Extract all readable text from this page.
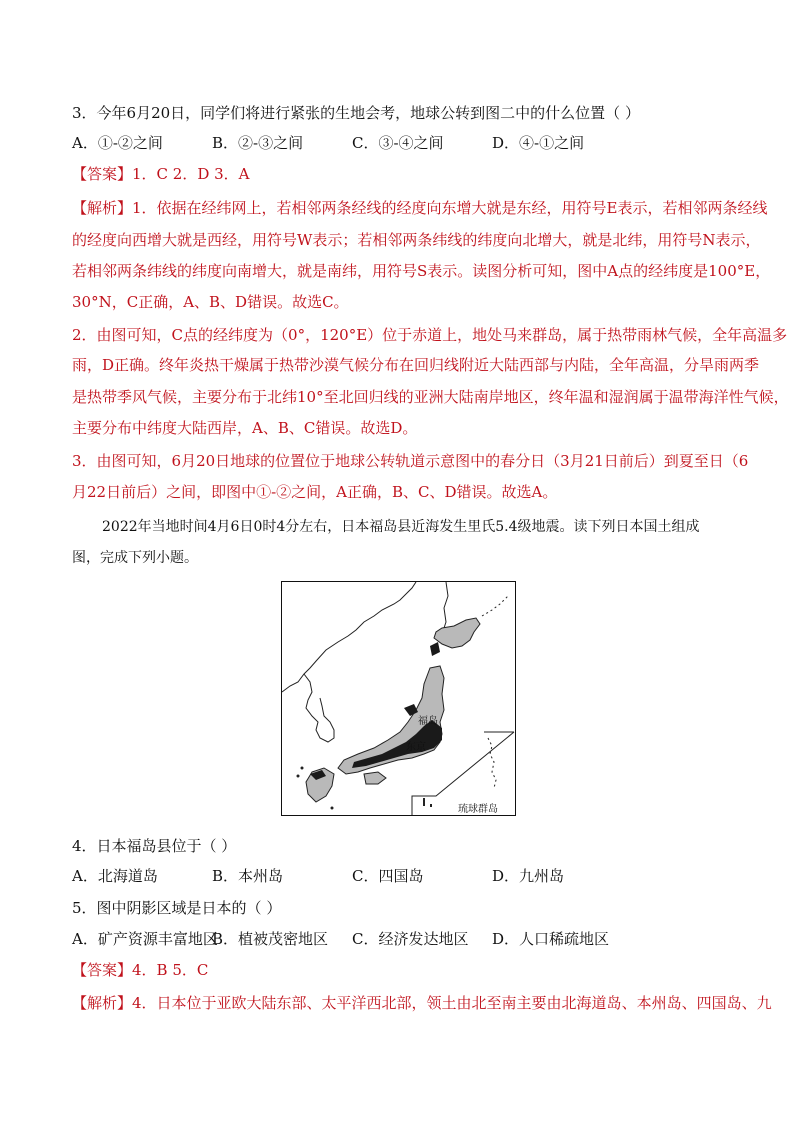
3．今年6月20日，同学们将进行紧张的生地会考，地球公转到图二中的什么位置（ ）
A．①-②之间	B．②-③之间	C．③-④之间	D．④-①之间
【答案】1．C 2．D 3．A
【解析】1．依据在经纬网上，若相邻两条经线的经度向东增大就是东经，用符号E表示，若相邻两条经线
的经度向西增大就是西经，用符号W表示；若相邻两条纬线的纬度向北增大，就是北纬，用符号N表示，
若相邻两条纬线的纬度向南增大，就是南纬，用符号S表示。读图分析可知，图中A点的经纬度是100°E，
30°N，C正确，A、B、D错误。故选C。
2．由图可知，C点的经纬度为（0°，120°E）位于赤道上，地处马来群岛，属于热带雨林气候，全年高温多
雨，D正确。终年炎热干燥属于热带沙漠气候分布在回归线附近大陆西部与内陆，全年高温，分旱雨两季
是热带季风气候，主要分布于北纬10°至北回归线的亚洲大陆南岸地区，终年温和湿润属于温带海洋性气候，
主要分布中纬度大陆西岸，A、B、C错误。故选D。
3．由图可知，6月20日地球的位置位于地球公转轨道示意图中的春分日（3月21日前后）到夏至日（6
月22日前后）之间，即图中①-②之间，A正确，B、C、D错误。故选A。
2022年当地时间4月6日0时4分左右，日本福岛县近海发生里氏5.4级地震。读下列日本国土组成
图，完成下列小题。
福岛
东京
琉球群岛
4．日本福岛县位于（ ）
A．北海道岛	B．本州岛	C．四国岛	D．九州岛
5．图中阴影区域是日本的（ ）
A．矿产资源丰富地区
B．植被茂密地区 C．经济发达地区 D．人口稀疏地区
【答案】4．B 5．C
【解析】4．日本位于亚欧大陆东部、太平洋西北部，领土由北至南主要由北海道岛、本州岛、四国岛、九
